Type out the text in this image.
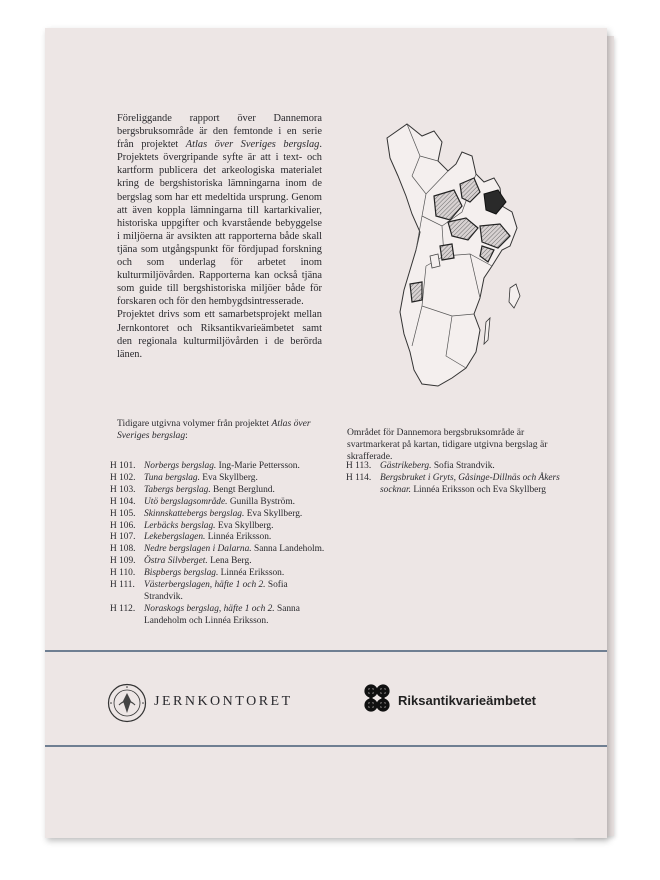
Föreliggande rapport över Dannemora bergsbruksområde är den femtonde i en serie från projektet Atlas över Sveriges bergslag. Projektets övergripande syfte är att i text- och kartform publicera det arkeologiska materialet kring de bergshistoriska lämningarna inom de bergslag som har ett medeltida ursprung. Genom att även koppla lämningarna till kartarkivalier, historiska uppgifter och kvarstående bebyggelse i miljöerna är avsikten att rapporterna både skall tjäna som utgångspunkt för fördjupad forskning och som underlag för arbetet inom kulturmiljövården. Rapporterna kan också tjäna som guide till bergshistoriska miljöer både för forskaren och för den hembygdsintresserade.

Projektet drivs som ett samarbetsprojekt mellan Jernkontoret och Riksantikvarieämbetet samt den regionala kulturmiljövården i de berörda länen.

Området för Dannemora bergsbruksområde är svartmarkerat på kartan, tidigare utgivna bergslag är skrafferade.
Tidigare utgivna volymer från projektet Atlas över Sveriges bergslag:
H 101. Norbergs bergslag. Ing-Marie Pettersson.
H 102. Tuna bergslag. Eva Skyllberg.
H 103. Tabergs bergslag. Bengt Berglund.
H 104. Utö bergslagsområde. Gunilla Byström.
H 105. Skinnskattebergs bergslag. Eva Skyllberg.
H 106. Lerbäcks bergslag. Eva Skyllberg.
H 107. Lekebergslagen. Linnéa Eriksson.
H 108. Nedre bergslagen i Dalarna. Sanna Landeholm.
H 109. Östra Silvberget. Lena Berg.
H 110. Bispbergs bergslag. Linnéa Eriksson.
H 111. Västerbergslagen, häfte 1 och 2. Sofia Strandvik.
H 112. Noraskogs bergslag, häfte 1 och 2. Sanna Landeholm och Linnéa Eriksson.
H 113. Gästrikeberg. Sofia Strandvik.
H 114. Bergsbruket i Gryts, Gåsinge-Dillnäs och Åkers socknar. Linnéa Eriksson och Eva Skyllberg
JERNKONTORET	Riksantikvarieämbetet
